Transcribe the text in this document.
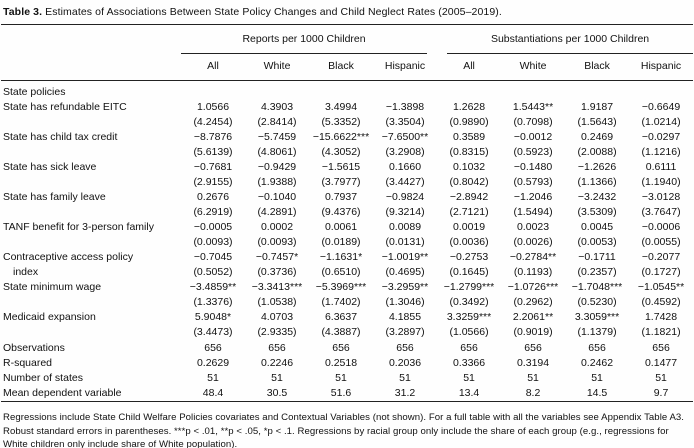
Table 3. Estimates of Associations Between State Policy Changes and Child Neglect Rates (2005–2019).

	Reports per 1000 Children				Substantiations per 1000 Children			

	All	White	Black	Hispanic	All	White	Black	Hispanic
State policies								
State has refundable EITC	1.0566	4.3903	3.4994	−1.3898	1.2628	1.5443**	1.9187	−0.6649
	(4.2454)	(2.8414)	(5.3352)	(3.3504)	(0.9890)	(0.7098)	(1.5643)	(1.0214)
State has child tax credit	−8.7876	−5.7459	−15.6622***	−7.6500**	0.3589	−0.0012	0.2469	−0.0297
	(5.6139)	(4.8061)	(4.3052)	(3.2908)	(0.8315)	(0.5923)	(2.0088)	(1.1216)
State has sick leave	−0.7681	−0.9429	−1.5615	0.1660	0.1032	−0.1480	−1.2626	0.6111
	(2.9155)	(1.9388)	(3.7977)	(3.4427)	(0.8042)	(0.5793)	(1.1366)	(1.1940)
State has family leave	0.2676	−0.1040	0.7937	−0.9824	−2.8942	−1.2046	−3.2432	−3.0128
	(6.2919)	(4.2891)	(9.4376)	(9.3214)	(2.7121)	(1.5494)	(3.5309)	(3.7647)
TANF benefit for 3-person family	−0.0005	0.0002	0.0061	0.0089	0.0019	0.0023	0.0045	−0.0006
	(0.0093)	(0.0093)	(0.0189)	(0.0131)	(0.0036)	(0.0026)	(0.0053)	(0.0055)
Contraceptive access policy	−0.7045	−0.7457*	−1.1631*	−1.0019**	−0.2753	−0.2784**	−0.1711	−0.2077
index	(0.5052)	(0.3736)	(0.6510)	(0.4695)	(0.1645)	(0.1193)	(0.2357)	(0.1727)
State minimum wage	−3.4859**	−3.3413***	−5.3969***	−3.2959**	−1.2799***	−1.0726***	−1.7048***	−1.0545**
	(1.3376)	(1.0538)	(1.7402)	(1.3046)	(0.3492)	(0.2962)	(0.5230)	(0.4592)
Medicaid expansion	5.9048*	4.0703	6.3637	4.1855	3.3259***	2.2061**	3.3059***	1.7428
	(3.4473)	(2.9335)	(4.3887)	(3.2897)	(1.0566)	(0.9019)	(1.1379)	(1.1821)
Observations	656	656	656	656	656	656	656	656
R-squared	0.2629	0.2246	0.2518	0.2036	0.3366	0.3194	0.2462	0.1477
Number of states	51	51	51	51	51	51	51	51
Mean dependent variable	48.4	30.5	51.6	31.2	13.4	8.2	14.5	9.7
Regressions include State Child Welfare Policies covariates and Contextual Variables (not shown). For a full table with all the variables see Appendix Table A3. Robust standard errors in parentheses. ***p < .01, **p < .05, *p < .1. Regressions by racial group only include the share of each group (e.g., regressions for White children only include share of White population).
